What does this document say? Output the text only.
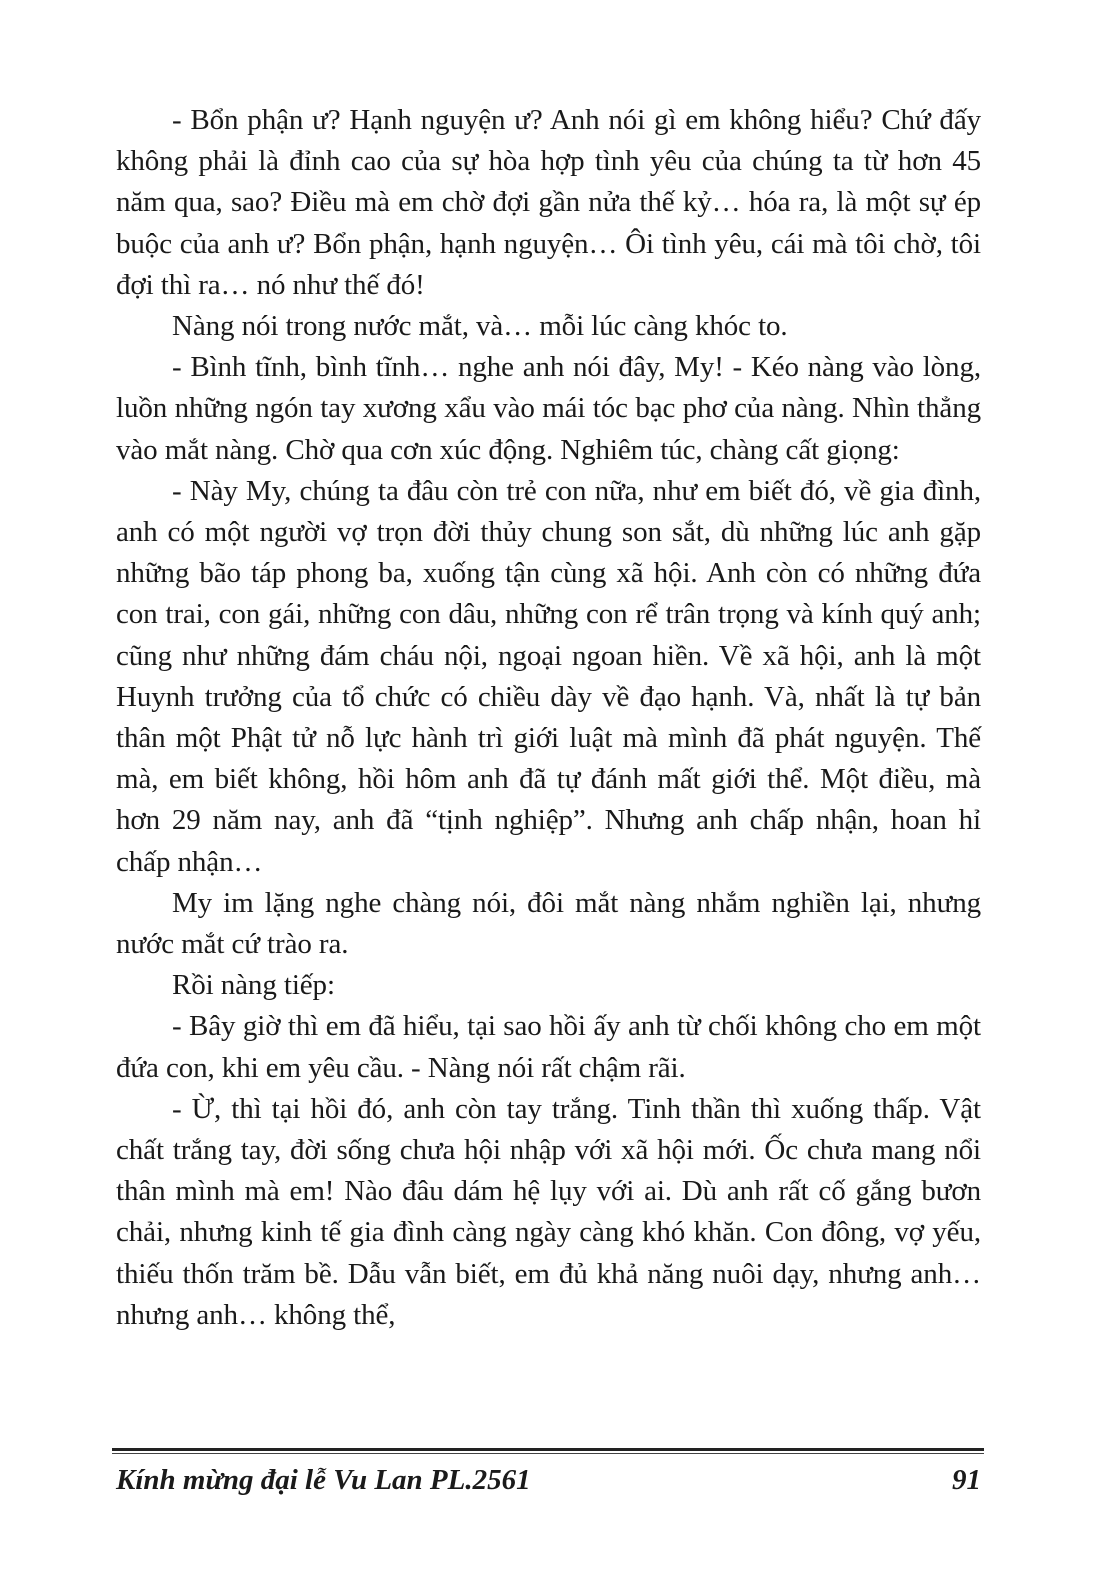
- Bổn phận ư? Hạnh nguyện ư? Anh nói gì em không hiểu? Chứ đấy không phải là đỉnh cao của sự hòa hợp tình yêu của chúng ta từ hơn 45 năm qua, sao? Điều mà em chờ đợi gần nửa thế kỷ… hóa ra, là một sự ép buộc của anh ư? Bổn phận, hạnh nguyện… Ôi tình yêu, cái mà tôi chờ, tôi đợi thì ra… nó như thế đó!

Nàng nói trong nước mắt, và… mỗi lúc càng khóc to.

- Bình tĩnh, bình tĩnh… nghe anh nói đây, My! - Kéo nàng vào lòng, luồn những ngón tay xương xẩu vào mái tóc bạc phơ của nàng. Nhìn thẳng vào mắt nàng. Chờ qua cơn xúc động. Nghiêm túc, chàng cất giọng:

- Này My, chúng ta đâu còn trẻ con nữa, như em biết đó, về gia đình, anh có một người vợ trọn đời thủy chung son sắt, dù những lúc anh gặp những bão táp phong ba, xuống tận cùng xã hội. Anh còn có những đứa con trai, con gái, những con dâu, những con rể trân trọng và kính quý anh; cũng như những đám cháu nội, ngoại ngoan hiền. Về xã hội, anh là một Huynh trưởng của tổ chức có chiều dày về đạo hạnh. Và, nhất là tự bản thân một Phật tử nỗ lực hành trì giới luật mà mình đã phát nguyện. Thế mà, em biết không, hồi hôm anh đã tự đánh mất giới thể. Một điều, mà hơn 29 năm nay, anh đã “tịnh nghiệp”. Nhưng anh chấp nhận, hoan hỉ chấp nhận…

My im lặng nghe chàng nói, đôi mắt nàng nhắm nghiền lại, nhưng nước mắt cứ trào ra.

Rồi nàng tiếp:

- Bây giờ thì em đã hiểu, tại sao hồi ấy anh từ chối không cho em một đứa con, khi em yêu cầu. - Nàng nói rất chậm rãi.

- Ừ, thì tại hồi đó, anh còn tay trắng. Tinh thần thì xuống thấp. Vật chất trắng tay, đời sống chưa hội nhập với xã hội mới. Ốc chưa mang nổi thân mình mà em! Nào đâu dám hệ lụy với ai. Dù anh rất cố gắng bươn chải, nhưng kinh tế gia đình càng ngày càng khó khăn. Con đông, vợ yếu, thiếu thốn trăm bề. Dẫu vẫn biết, em đủ khả năng nuôi dạy, nhưng anh… nhưng anh… không thể,

Kính mừng đại lễ Vu Lan PL.2561	91
